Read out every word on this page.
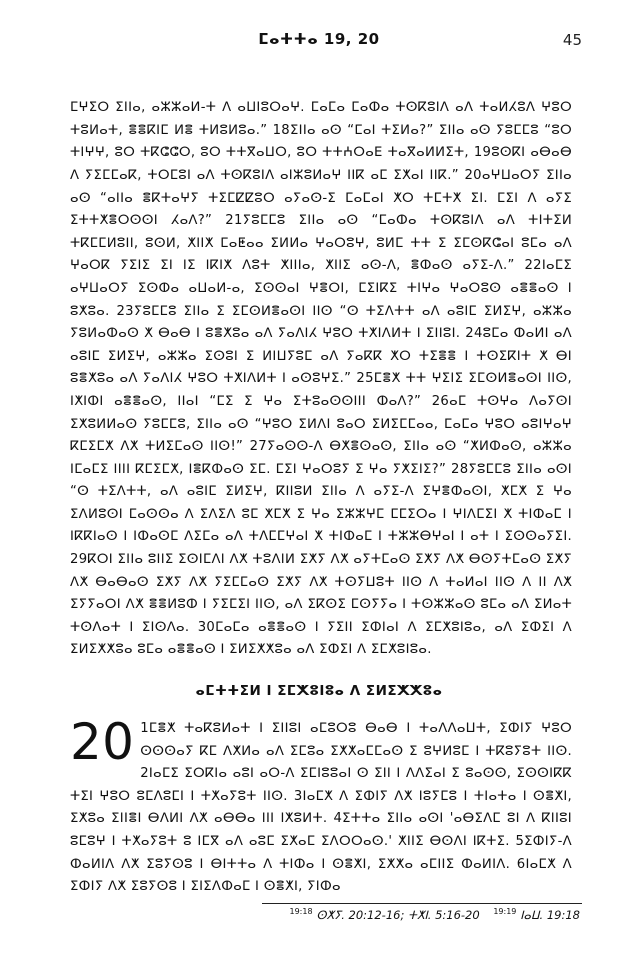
ⵎⴰⵜⵜⴰ 19, 20	45

ⵎⵖⵉⵔ ⵉⵏⵏⴰ, ⴰⵣⵣⴰⵍ-ⵜ ⴷ ⴰⵡⵏⵓⵔⴰⵖ. ⵎⴰⵎⴰ ⵎⴰⵀⴰ ⵜⵙⴽⵓⵏⴷ ⴰⴷ ⵜⴰⵍⵃⵓⴷ ⵖⵓⵔ ⵜⵓⵍⴰⵜ, ⴻⴻⴽⵏⵎ ⵍⴻ ⵜⵍⵓⵍⵓⴰ.” 18ⵉⵏⵏⴰ ⴰⵙ “ⵎⴰⵏ ⵜⵉⵍⴰ?” ⵉⵏⵏⴰ ⴰⵙ ⵢⵓⵎⵎⵓ “ⵓⵔ ⵜⵏⵖⵖ, ⵓⵔ ⵜⴽⵛⵛⵔ, ⵓⵔ ⵜⵜⴳⴰⵡⵔ, ⵓⵔ ⵜⵜⵄⵔⴰⴹ ⵜⴰⴳⴰⵍⵍⵉⵜ, 19ⵓⵙⴽⵏ ⴰⴱⴰⴱ ⴷ ⵢⵉⵎⵎⴰⴽ, ⵜⵔⵎⵓⵏ ⴰⴷ ⵜⵙⴽⵓⵏⴷ ⴰⵏⵣⵓⵍⴰⵖ ⵏⵏⴽ ⴰⵎ ⵉⵅⴰⵏ ⵏⵏⴽ.” 20ⴰⵖⵡⴰⵔⵢ ⵉⵏⵏⴰ ⴰⵙ “ⴰⵏⵏⴰ ⴻⴽⵜⴰⵖⵢ ⵜⵉⵎⵇⵇⵓⵔ ⴰⵢⴰⵙ-ⵉ ⵎⴰⵎⴰⵏ ⵅⵔ ⵜⵎⵜⵅ ⵉⵏ. ⵎⵉⵏ ⴷ ⴰⵢⵉ ⵉⵜⵜⵅⴻⵔⵙⵙⵏ ⵃⴰⴷ?” 21ⵢⵓⵎⵎⵓ ⵉⵏⵏⴰ ⴰⵙ “ⵎⴰⵀⴰ ⵜⵙⴽⵓⵏⴷ ⴰⴷ ⵜⵏⵜⵉⵍ ⵜⴽⵎⵎⵍⵓⵏⵏ, ⵓⵙⵍ, ⵅⵏⵏⵅ ⵎⴰⵟⴰⴰ ⵉⵍⵍⴰ ⵖⴰⵔⵓⵖ, ⵓⵍⵎ ⵜⵜ ⵉ ⵉⵎⵙⴽⵛⴰⵏ ⵓⵎⴰ ⴰⴷ ⵖⴰⵔⴽ ⵢⵉⵏⵉ ⵉⵏ ⵏⵉ ⵏⴽⵏⵅ ⴷⵓⵜ ⵅⵏⵏⵏⴰ, ⵅⵏⵏⵉ ⴰⵙ-ⴷ, ⴻⵀⴰⵙ ⴰⵢⵉ-ⴷ.” 22ⵏⴰⵎⵉ ⴰⵖⵡⴰⵔⵢ ⵉⵙⵀⴰ ⴰⵡⴰⵍ-ⴰ, ⵉⵙⵙⴰⵏ ⵖⴻⵔⵏ, ⵎⵉⵏⴽⵉ ⵜⵏⵖⴰ ⵖⴰⵔⵓⵙ ⴰⴻⴻⴰⵙ ⵏ ⵓⵅⵓⴰ. 23ⵢⵓⵎⵎⵓ ⵉⵏⵏⴰ ⵉ ⵉⵎⵙⵍⴻⴰⵙⵏ ⵏⵏⵙ “ⵙ ⵜⵉⴷⵜⵜ ⴰⴷ ⴰⵓⵏⵎ ⵉⵍⵉⵖ, ⴰⵣⵣⴰ ⵢⵓⵍⴰⵀⴰⵙ ⵅ ⴱⴰⴱ ⵏ ⵓⴻⵅⵓⴰ ⴰⴷ ⵢⴰⴷⵏⵃ ⵖⵓⵔ ⵜⵅⵏⴷⵍⵜ ⵏ ⵉⵏⵏⵓⵏ. 24ⵓⵎⴰ ⵀⴰⵍⵏ ⴰⴷ ⴰⵓⵏⵎ ⵉⵍⵉⵖ, ⴰⵣⵣⴰ ⵉⵙⵓⵏ ⵉ ⵍⵏⵡⵢⵓⵎ ⴰⴷ ⵢⴰⴽⴽ ⵅⵔ ⵜⵉⴻⴻ ⵏ ⵜⵙⵉⴽⵏⵜ ⵅ ⴱⵏ ⵓⴻⵅⵓⴰ ⴰⴷ ⵢⴰⴷⵏⵃ ⵖⵓⵔ ⵜⵅⵏⴷⵍⵜ ⵏ ⴰⵙⵓⵖⵉ.” 25ⵎⴻⵅ ⵜⵜ ⵖⵉⵏⵉ ⵉⵎⵙⵍⴻⴰⵙⵏ ⵏⵏⵙ, ⵏⵅⵏⵀⵏ ⴰⴻⴻⴰⵙ, ⵏⵏⴰⵏ “ⵎⵉ ⵉ ⵖⴰ ⵉⵜⵓⴰⵙⵙⵏⵏⵏ ⵀⴰⴷ?” 26ⴰⵎ ⵜⵙⵖⴰ ⴷⴰⵢⵙⵏ ⵉⵅⵓⵍⵍⴰⵙ ⵢⵓⵎⵎⵓ, ⵉⵏⵏⴰ ⴰⵙ “ⵖⵓⵔ ⵉⵍⴷⵏ ⵓⴰⵔ ⵉⵍⵉⵎⵎⴰⴰ, ⵎⴰⵎⴰ ⵖⵓⵔ ⴰⵓⵏⵖⴰⵖ ⴽⵎⵉⵎⵅ ⴷⵅ ⵜⵍⵉⵎⴰⵙ ⵏⵏⵙ!” 27ⵢⴰⵙⵙ-ⴷ ⴱⵅⴻⵙⴰⵙ, ⵉⵏⵏⴰ ⴰⵙ “ⵅⵍⵀⴰⵙ, ⴰⵣⵣⴰ ⵏⵎⴰⵎⵉ ⵏⵏⵏⵏ ⴽⵎⵉⵎⵅ, ⵏⴻⴽⵀⴰⵙ ⵉⵎ. ⵎⵉⵏ ⵖⴰⵔⵓⵢ ⵉ ⵖⴰ ⵢⵅⵉⵏⵉ?” 28ⵢⵓⵎⵎⵓ ⵉⵏⵏⴰ ⴰⵙⵏ “ⵙ ⵜⵉⴷⵜⵜ, ⴰⴷ ⴰⵓⵏⵎ ⵉⵍⵉⵖ, ⴽⵏⵏⵓⵍ ⵉⵏⵏⴰ ⴷ ⴰⵢⵉ-ⴷ ⵉⵖⴻⵀⴰⵙⵏ, ⵅⵎⵅ ⵉ ⵖⴰ ⵉⴷⵍⵓⵙⵏ ⵎⴰⵙⵙⴰ ⴷ ⵉⴷⵉⴷ ⵓⵎ ⵅⵎⵅ ⵉ ⵖⴰ ⵉⵣⵣⵖⵎ ⵎⵎⵉⵔⴰ ⵏ ⵖⵏⴷⵎⵉⵏ ⵅ ⵜⵏⵀⴰⵎ ⵏ ⵏⴽⴽⵏⴰⵙ ⵏ ⵏⵀⴰⵙⵎ ⴷⵉⵎⴰ ⴰⴷ ⵜⴷⵎⵎⵖⴰⵏ ⵅ ⵜⵏⵀⴰⵎ ⵏ ⵜⵣⵣⴱⵖⴰⵏ ⵏ ⴰⵜ ⵏ ⵉⵙⵙⴰⵢⵉⵏ. 29ⴽⵔⵏ ⵉⵏⵏⴰ ⵓⵏⵏⵉ ⵉⵙⵏⵎⴷⵏ ⴷⵅ ⵜⵓⴷⵏⵍ ⵉⵅⵢ ⴷⵅ ⴰⵢⵜⵎⴰⵙ ⵉⵅⵢ ⴷⵅ ⴱⵙⵢⵜⵎⴰⵙ ⵉⵅⵢ ⴷⵅ ⴱⴰⴱⴰⵙ ⵉⵅⵢ ⴷⵅ ⵢⵉⵎⵎⴰⵙ ⵉⵅⵢ ⴷⵅ ⵜⵙⵢⵡⵓⵜ ⵏⵏⵙ ⴷ ⵜⴰⵍⴰⵏ ⵏⵏⵙ ⴷ ⵏⵏ ⴷⵅ ⵉⵢⵢⴰⵔⵏ ⴷⵅ ⴻⴻⵍⵓⵀ ⵏ ⵢⵉⵎⵉⵏ ⵏⵏⵙ, ⴰⴷ ⵉⴽⵙⵉ ⵎⵙⵢⵢⴰ ⵏ ⵜⵙⵣⵣⴰⵙ ⵓⵎⴰ ⴰⴷ ⵉⵍⴰⵜ ⵜⵙⴷⴰⵜ ⵏ ⵉⵏⵙⴷⴰ. 30ⵎⴰⵎⴰ ⴰⴻⴻⴰⵙ ⵏ ⵢⵉⵏⵏ ⵉⵀⵏⴰⵏ ⴷ ⵉⵎⵅⵓⵏⵓⴰ, ⴰⴷ ⵉⵀⵉⵏ ⴷ ⵉⵍⵉⵅⵅⵓⴰ ⵓⵎⴰ ⴰⴻⴻⴰⵙ ⵏ ⵉⵍⵉⵅⵅⵓⴰ ⴰⴷ ⵉⵀⵉⵏ ⴷ ⵉⵎⵅⵓⵏⵓⴰ.

ⴰⵎⵜⵜⵉⵍ ⵏ ⵉⵎⵅⵓⵏⵓⴰ ⴷ ⵉⵍⵉⵅⵅⵓⴰ
20 1ⵎⴻⵅ ⵜⴰⴽⵓⵍⴰⵜ ⵏ ⵉⵏⵏⵓⵏ ⴰⵎⵓⵔⵓ ⴱⴰⴱ ⵏ ⵜⴰⴷⴷⴰⵡⵜ, ⵉⵀⵏⵢ ⵖⵓⵔ ⵙⵙⵙⴰⵢ ⴽⵎ ⴷⵅⵍⴰ ⴰⴷ ⵉⵎⵓⴰ ⵉⵅⵅⴰⵎⵎⴰⵙ ⵉ ⵓⵖⵍⵓⵎ ⵏ ⵜⴽⵓⵢⵓⵜ ⵏⵏⵙ. 2ⵏⴰⵎⵉ ⵉⵔⴽⵏⴰ ⴰⵓⵏ ⴰⵔ-ⴷ ⵉⵎⵏⵓⵓⴰⵏ ⵙ ⵉⵏⵏ ⵏ ⴷⴷⵉⴰⵏ ⵉ ⵓⴰⵙⵙ, ⵉⵙⵙⵏⴽⴽ ⵜⵉⵏ ⵖⵓⵔ ⵓⵎⴷⵓⵎⵏ ⵏ ⵜⵅⴰⵢⵓⵜ ⵏⵏⵙ. 3ⵏⴰⵎⵅ ⴷ ⵉⵀⵏⵢ ⴷⵅ ⵏⵓⵢⵎⵓ ⵏ ⵜⵏⴰⵜⴰ ⵏ ⵙⴻⵅⵏ, ⵉⵅⵓⴰ ⵉⵏⵏⴻⵏ ⴱⴷⵍⵏ ⴷⵅ ⴰⴱⴱⴰ ⵏⵏⵏ ⵏⵅⵓⵍⵜ. 4ⵉⵜⵜⴰ ⵉⵏⵏⴰ ⴰⵙⵏ 'ⴰⴱⵉⴷⵎ ⵓⵏ ⴷ ⴽⵏⵏⵓⵏ ⵓⵎⵓⵖ ⵏ ⵜⵅⴰⵢⵓⵜ ⵓ ⵏⵎⴳ ⴰⴷ ⴰⵓⵎ ⵉⵅⴰⵎ ⵉⴷⵔⵔⴰⵙ.' ⵅⵏⵏⵉ ⴱⵙⴷⵏ ⵏⴽⵜⵉ. 5ⵉⵀⵏⵢ-ⴷ ⵀⴰⵍⵏⴷ ⴷⵅ ⵉⵓⵢⵙⵓ ⵏ ⴱⵏⵜⵜⴰ ⴷ ⵜⵏⵀⴰ ⵏ ⵙⴻⵅⵏ, ⵉⵅⵅⴰ ⴰⵎⵏⵏⵉ ⵀⴰⵍⵏⴷ. 6ⵏⴰⵎⵅ ⴷ ⵉⵀⵏⵢ ⴷⵅ ⵉⵓⵢⵙⵓ ⵏ ⵉⵏⵉⴷⵀⴰⵎ ⵏ ⵙⴻⵅⵏ, ⵢⵏⵀⴰ
$^{19:18}$ ⵙⵅⵢ. 20:12-16; ⵜⵅⵏ. 5:16-20 $^{19:19}$ ⵏⴰⵡ. 19:18
